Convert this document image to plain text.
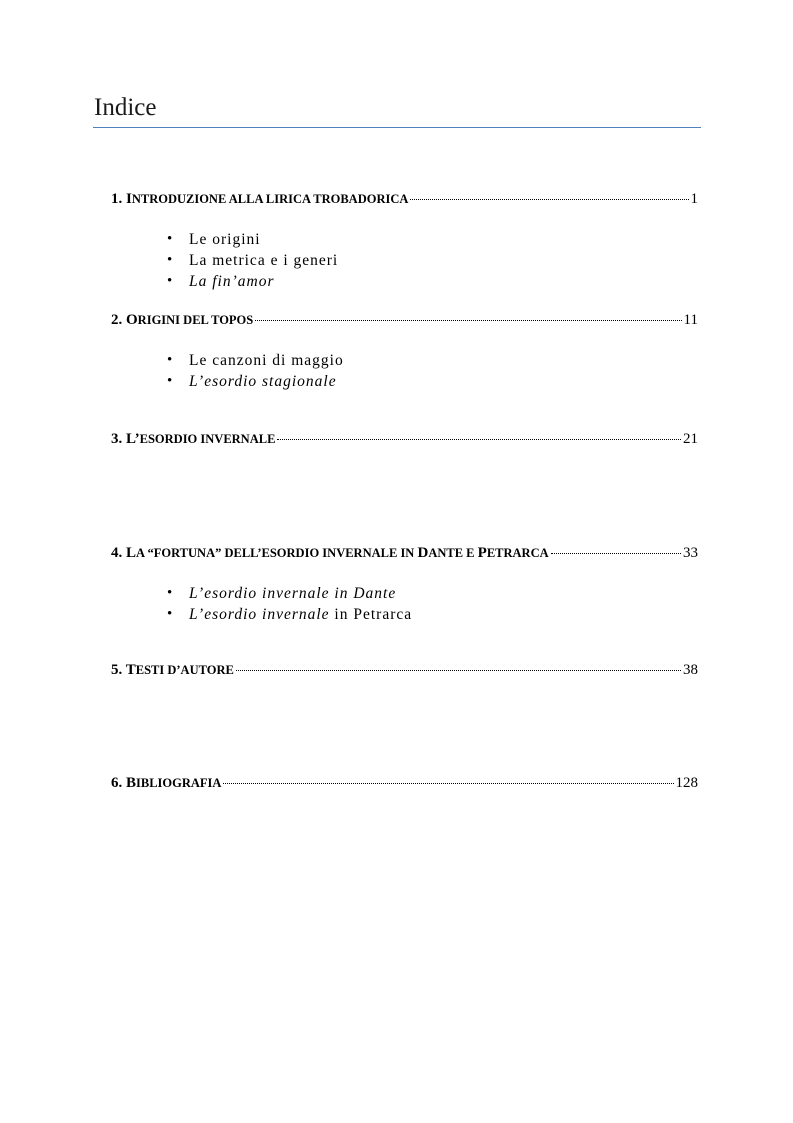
Indice
1. INTRODUZIONE ALLA LIRICA TROBADORICA	1
• Le origini
• La metrica e i generi
• La fin’amor
2. ORIGINI DEL TOPOS	11
• Le canzoni di maggio
• L’esordio stagionale
3. L’ESORDIO INVERNALE	21
4. LA “FORTUNA” DELL’ESORDIO INVERNALE IN DANTE E PETRARCA	33
• L’esordio invernale in Dante
• L’esordio invernale in Petrarca
5. TESTI D’AUTORE	38
6. BIBLIOGRAFIA	128
